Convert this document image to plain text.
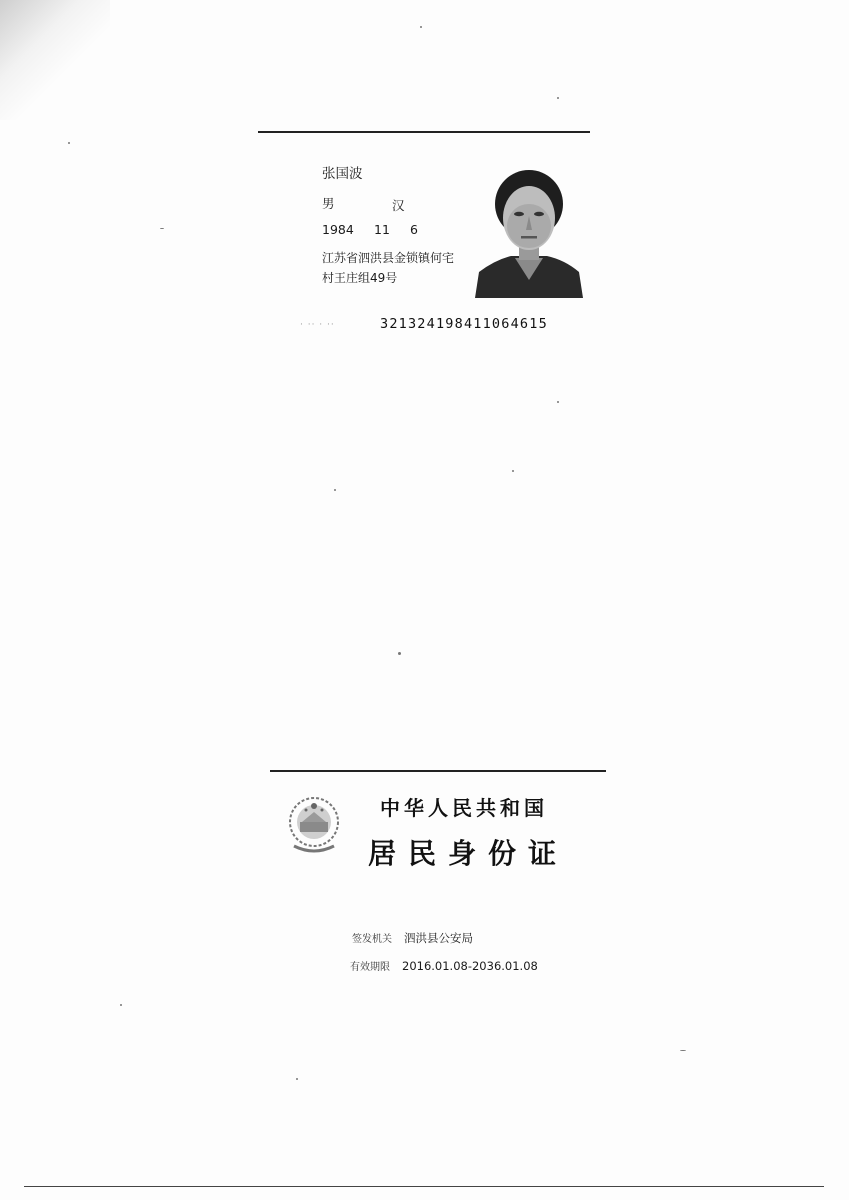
张国波
男	汉
1984 11 6
江苏省泗洪县金锁镇何宅
村王庄组49号
· ·· · ··	321324198411064615
中华人民共和国
居民身份证
签发机关 泗洪县公安局
有效期限 2016.01.08-2036.01.08
